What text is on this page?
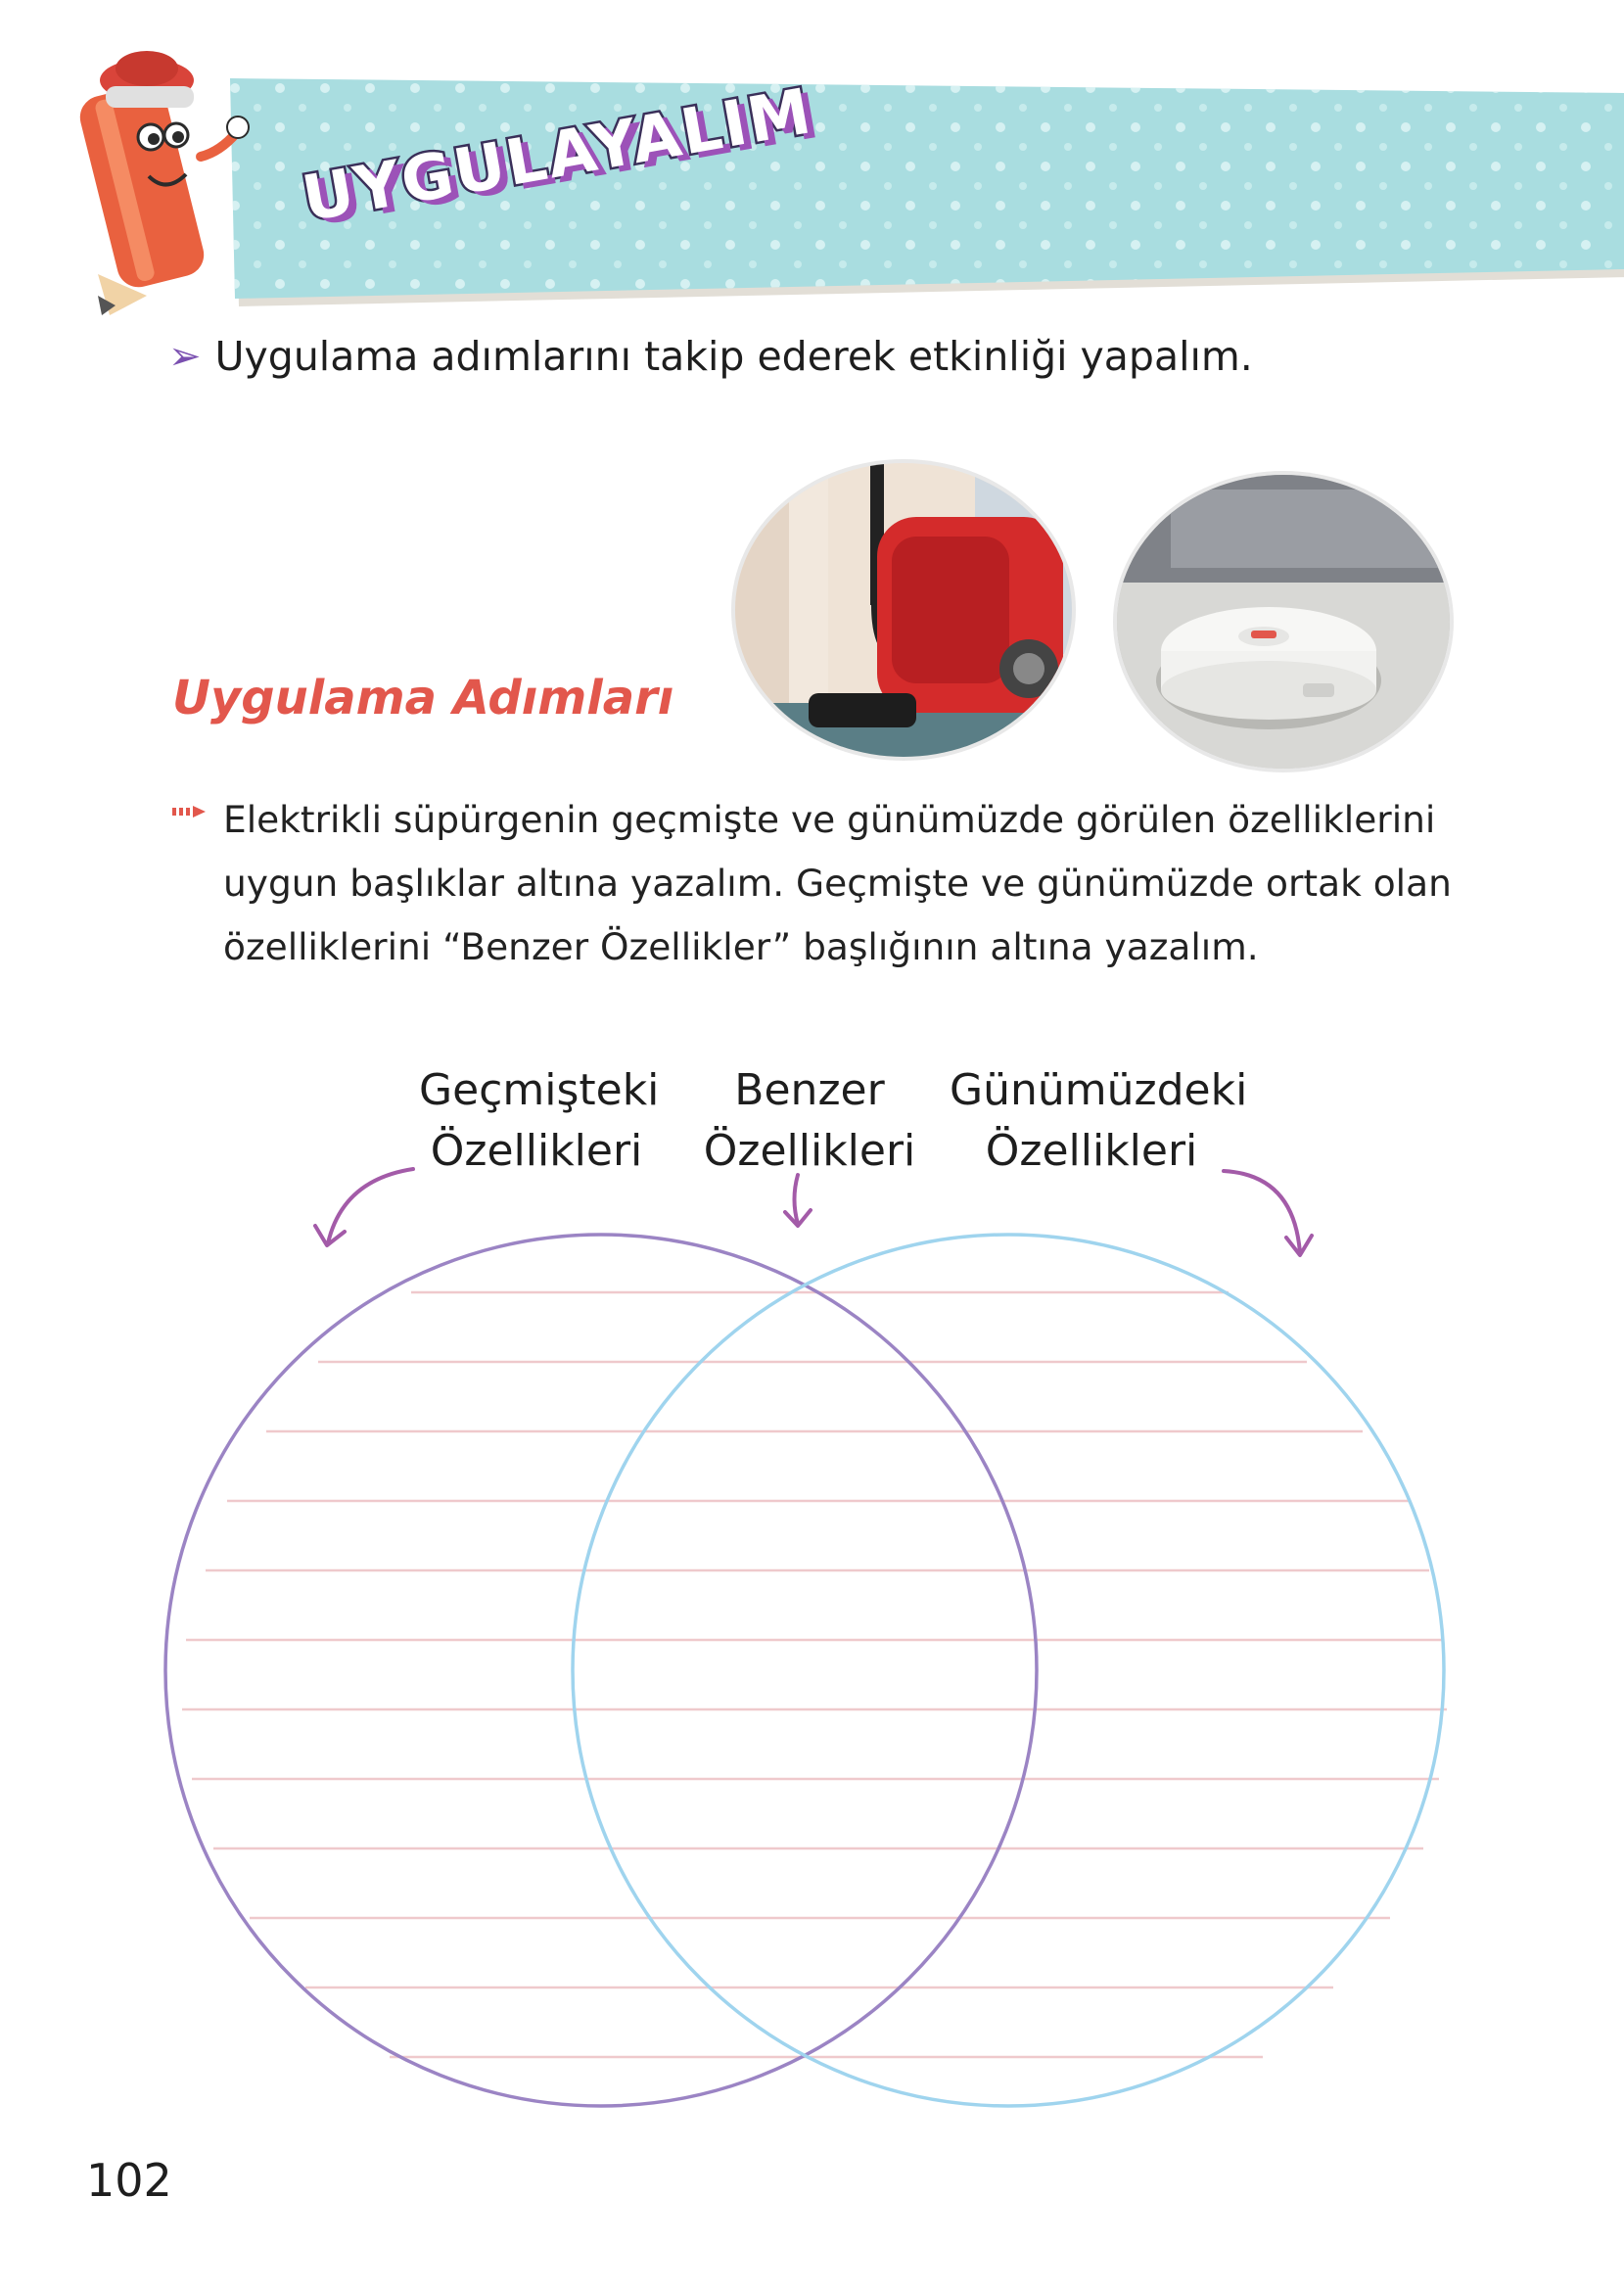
UYGULAYALIM
➢ Uygulama adımlarını takip ederek etkinliği yapalım.
Uygulama Adımları

Elektrikli süpürgenin geçmişte ve günümüzde görülen özelliklerini
uygun başlıklar altına yazalım. Geçmişte ve günümüzde ortak olan
özelliklerini “Benzer Özellikler” başlığının altına yazalım.

Geçmişteki
Özellikleri
Benzer
Özellikleri
Günümüzdeki
Özellikleri
102
